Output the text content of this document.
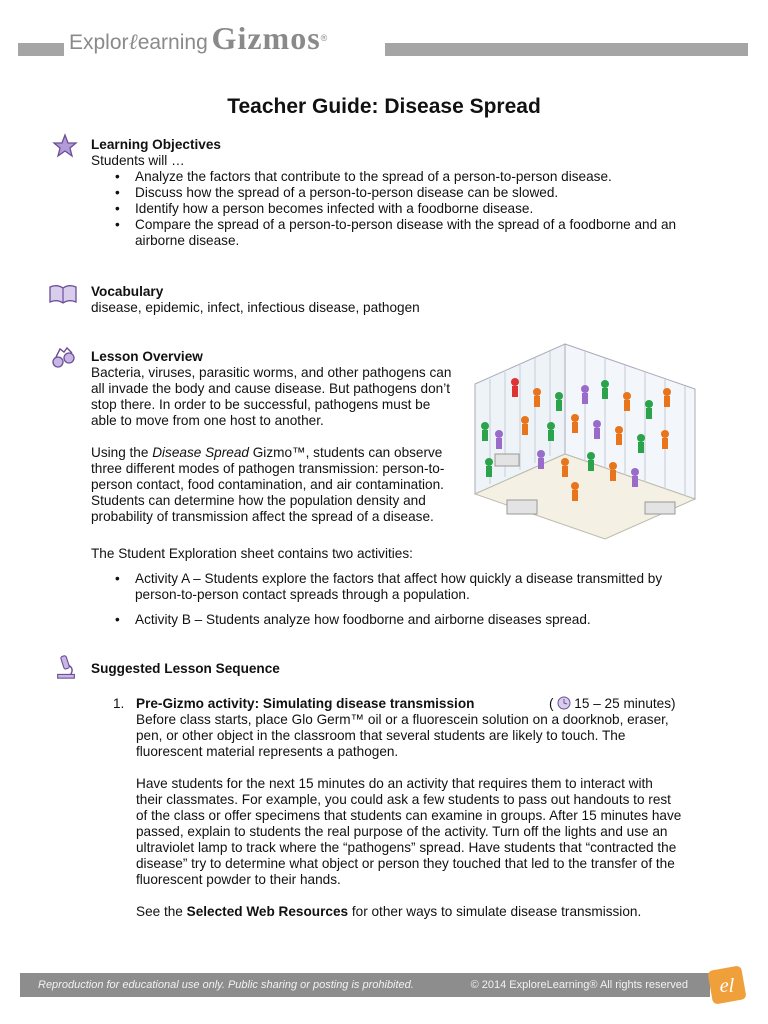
Explorℓearning Gizmos®
Teacher Guide: Disease Spread
Learning Objectives
Students will …
• Analyze the factors that contribute to the spread of a person-to-person disease.
• Discuss how the spread of a person-to-person disease can be slowed.
• Identify how a person becomes infected with a foodborne disease.
• Compare the spread of a person-to-person disease with the spread of a foodborne and an airborne disease.
Vocabulary
disease, epidemic, infect, infectious disease, pathogen
Lesson Overview

Bacteria, viruses, parasitic worms, and other pathogens can all invade the body and cause disease. But pathogens don’t stop there. In order to be successful, pathogens must be able to move from one host to another.

Using the Disease Spread Gizmo™, students can observe three different modes of pathogen transmission: person-to-person contact, food contamination, and air contamination. Students can determine how the population density and probability of transmission affect the spread of a disease.

The Student Exploration sheet contains two activities:

• Activity A – Students explore the factors that affect how quickly a disease transmitted by person-to-person contact spreads through a population.
• Activity B – Students analyze how foodborne and airborne diseases spread.
Suggested Lesson Sequence
1. Pre-Gizmo activity: Simulating disease transmission	( 15 – 25 minutes)

Before class starts, place Glo Germ™ oil or a fluorescein solution on a doorknob, eraser, pen, or other object in the classroom that several students are likely to touch. The fluorescent material represents a pathogen.

Have students for the next 15 minutes do an activity that requires them to interact with their classmates. For example, you could ask a few students to pass out handouts to rest of the class or offer specimens that students can examine in groups. After 15 minutes have passed, explain to students the real purpose of the activity. Turn off the lights and use an ultraviolet lamp to track where the “pathogens” spread. Have students that “contracted the disease” try to determine what object or person they touched that led to the transfer of the fluorescent powder to their hands.

See the Selected Web Resources for other ways to simulate disease transmission.

Reproduction for educational use only. Public sharing or posting is prohibited.	© 2014 ExploreLearning® All rights reserved el
